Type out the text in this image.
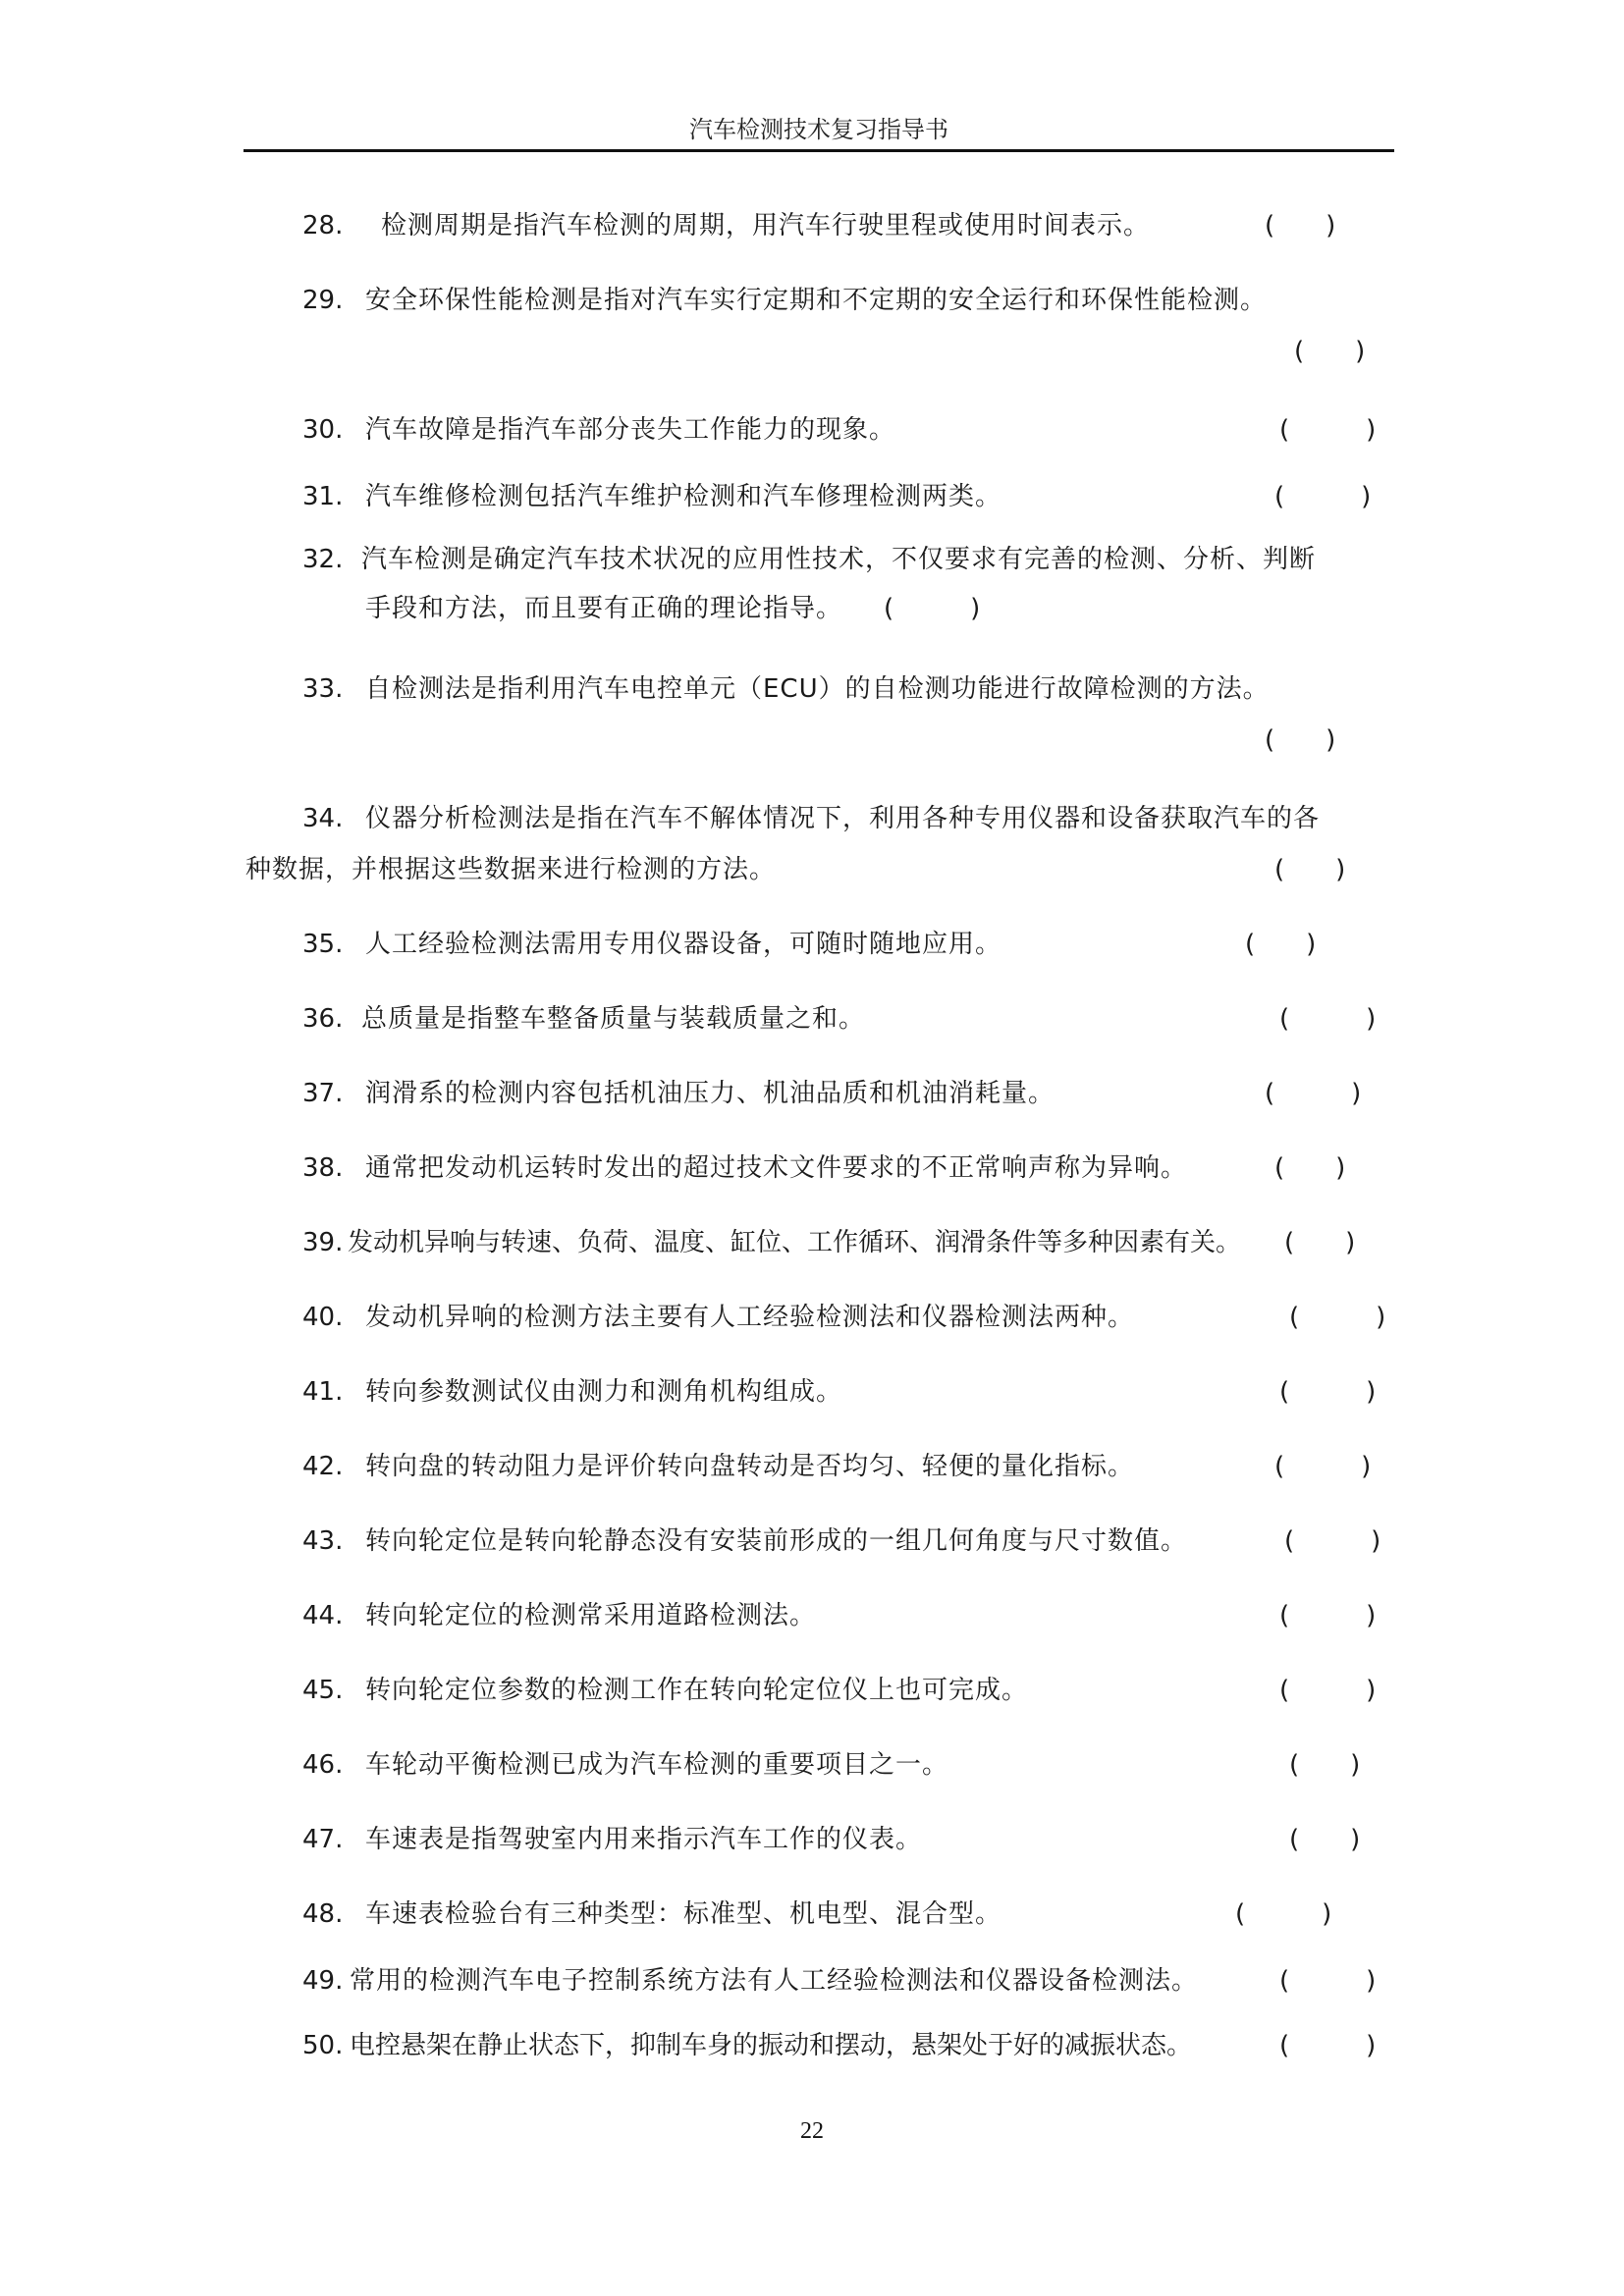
汽车检测技术复习指导书
28. 检测周期是指汽车检测的周期，用汽车行驶里程或使用时间表示。	(　　)
29. 安全环保性能检测是指对汽车实行定期和不定期的安全运行和环保性能检测。
(　　)
30. 汽车故障是指汽车部分丧失工作能力的现象。	(　　　)
31. 汽车维修检测包括汽车维护检测和汽车修理检测两类。	(　　　)
32. 汽车检测是确定汽车技术状况的应用性技术，不仅要求有完善的检测、分析、判断
手段和方法，而且要有正确的理论指导。 (　　　)
33. 自检测法是指利用汽车电控单元（ECU）的自检测功能进行故障检测的方法。
(　　)
34. 仪器分析检测法是指在汽车不解体情况下，利用各种专用仪器和设备获取汽车的各
种数据，并根据这些数据来进行检测的方法。	(　　)
35. 人工经验检测法需用专用仪器设备，可随时随地应用。	(　　)
36. 总质量是指整车整备质量与装载质量之和。	(　　　)
37. 润滑系的检测内容包括机油压力、机油品质和机油消耗量。	(　　　)
38. 通常把发动机运转时发出的超过技术文件要求的不正常响声称为异响。	(　　)
39. 发动机异响与转速、负荷、温度、缸位、工作循环、润滑条件等多种因素有关。 (　　)
40. 发动机异响的检测方法主要有人工经验检测法和仪器检测法两种。	(　　　)
41. 转向参数测试仪由测力和测角机构组成。	(　　　)
42. 转向盘的转动阻力是评价转向盘转动是否均匀、轻便的量化指标。	(　　　)
43. 转向轮定位是转向轮静态没有安装前形成的一组几何角度与尺寸数值。	(　　　)
44. 转向轮定位的检测常采用道路检测法。	(　　　)
45. 转向轮定位参数的检测工作在转向轮定位仪上也可完成。	(　　　)
46. 车轮动平衡检测已成为汽车检测的重要项目之一。	(　　)
47. 车速表是指驾驶室内用来指示汽车工作的仪表。	(　　)
48. 车速表检验台有三种类型：标准型、机电型、混合型。	(　　　)
49. 常用的检测汽车电子控制系统方法有人工经验检测法和仪器设备检测法。	(　　　)
50. 电控悬架在静止状态下，抑制车身的振动和摆动，悬架处于好的减振状态。	(　　　)
22
